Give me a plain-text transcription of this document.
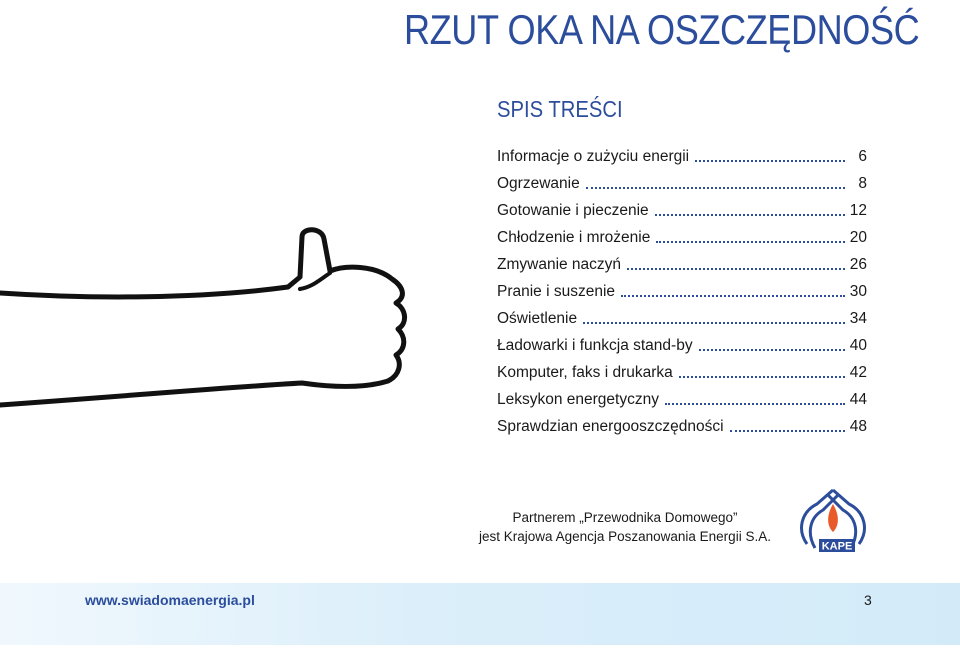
RZUT OKA NA OSZCZĘDNOŚĆ
SPIS TREŚCI
Informacje o zużyciu energii	6
Ogrzewanie	8
Gotowanie i pieczenie	12
Chłodzenie i mrożenie	20
Zmywanie naczyń	26
Pranie i suszenie	30
Oświetlenie	34
Ładowarki i funkcja stand-by	40
Komputer, faks i drukarka	42
Leksykon energetyczny	44
Sprawdzian energooszczędności	48
Partnerem „Przewodnika Domowego”
jest Krajowa Agencja Poszanowania Energii S.A.
KAPE
www.swiadomaenergia.pl	3
